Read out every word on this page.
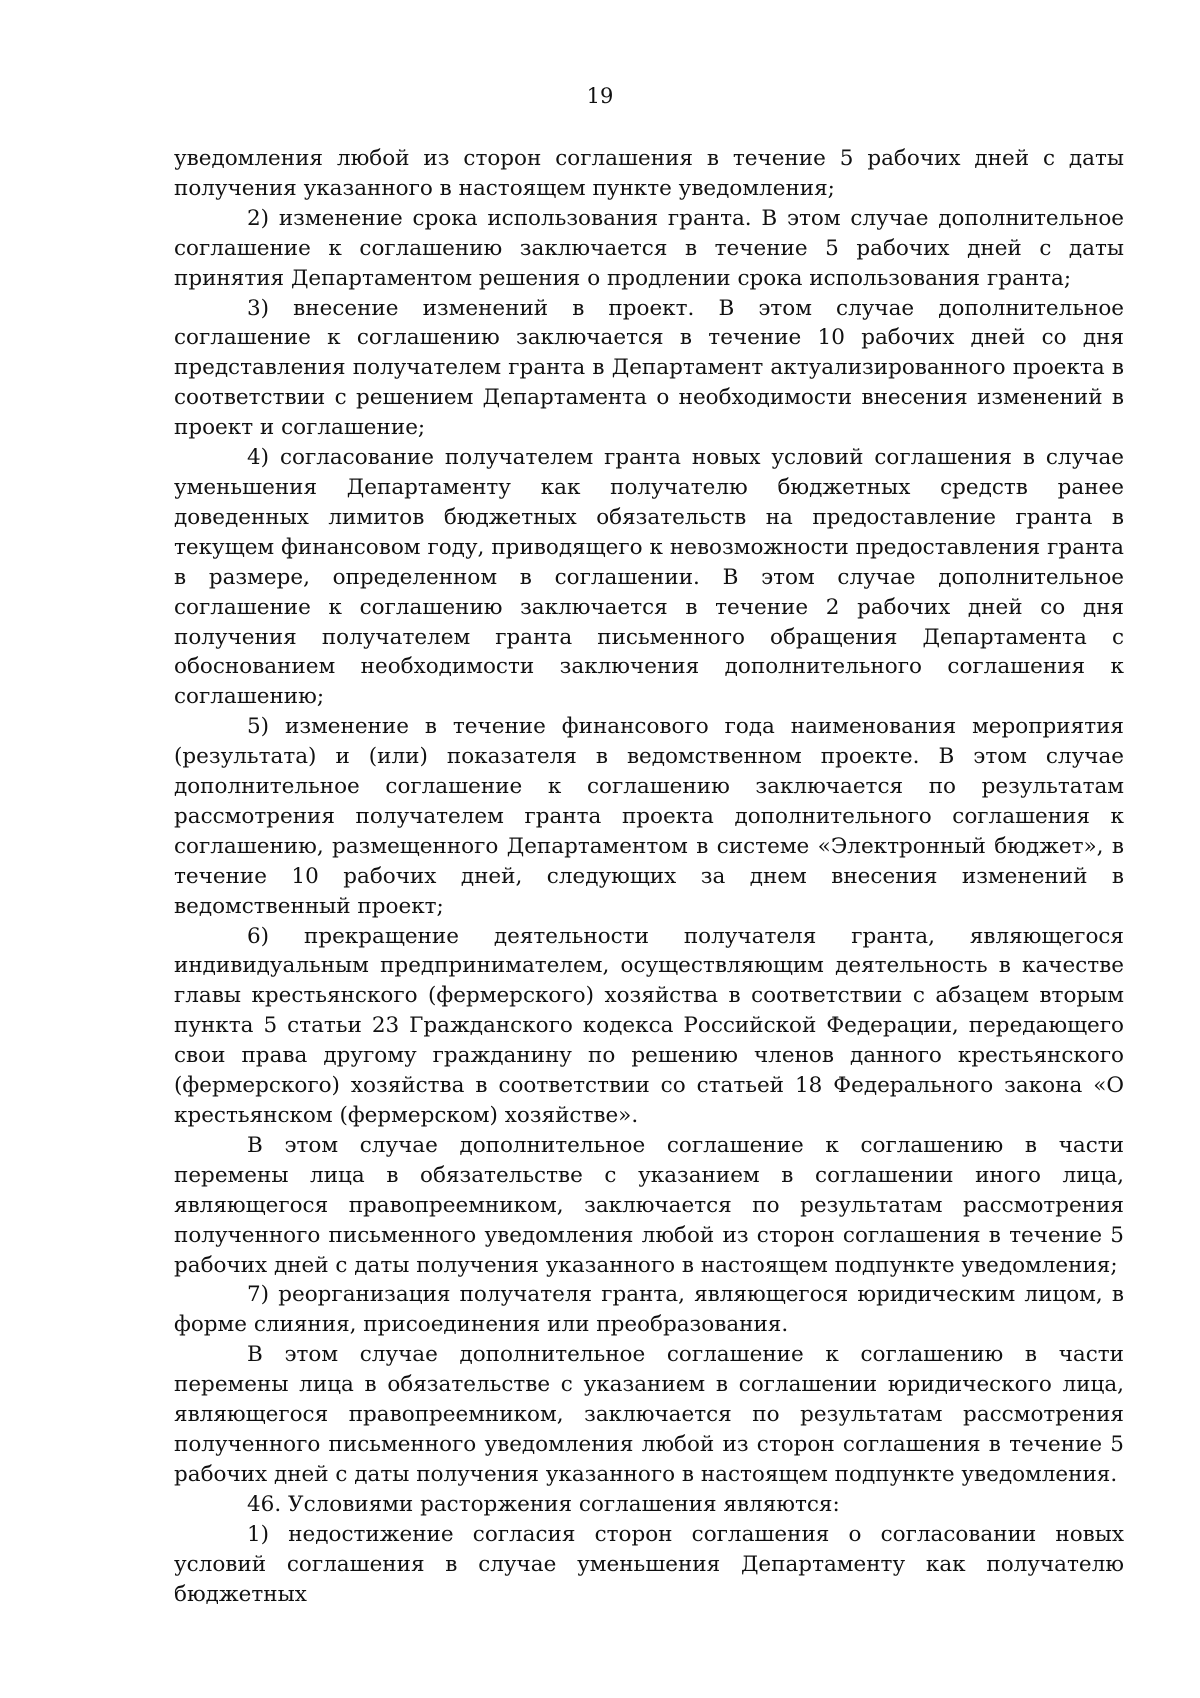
19

уведомления любой из сторон соглашения в течение 5 рабочих дней с даты получения указанного в настоящем пункте уведомления;

2) изменение срока использования гранта. В этом случае дополнительное соглашение к соглашению заключается в течение 5 рабочих дней с даты принятия Департаментом решения о продлении срока использования гранта;

3) внесение изменений в проект. В этом случае дополнительное соглашение к соглашению заключается в течение 10 рабочих дней со дня представления получателем гранта в Департамент актуализированного проекта в соответствии с решением Департамента о необходимости внесения изменений в проект и соглашение;

4) согласование получателем гранта новых условий соглашения в случае уменьшения Департаменту как получателю бюджетных средств ранее доведенных лимитов бюджетных обязательств на предоставление гранта в текущем финансовом году, приводящего к невозможности предоставления гранта в размере, определенном в соглашении. В этом случае дополнительное соглашение к соглашению заключается в течение 2 рабочих дней со дня получения получателем гранта письменного обращения Департамента с обоснованием необходимости заключения дополнительного соглашения к соглашению;

5) изменение в течение финансового года наименования мероприятия (результата) и (или) показателя в ведомственном проекте. В этом случае дополнительное соглашение к соглашению заключается по результатам рассмотрения получателем гранта проекта дополнительного соглашения к соглашению, размещенного Департаментом в системе «Электронный бюджет», в течение 10 рабочих дней, следующих за днем внесения изменений в ведомственный проект;

6) прекращение деятельности получателя гранта, являющегося индивидуальным предпринимателем, осуществляющим деятельность в качестве главы крестьянского (фермерского) хозяйства в соответствии с абзацем вторым пункта 5 статьи 23 Гражданского кодекса Российской Федерации, передающего свои права другому гражданину по решению членов данного крестьянского (фермерского) хозяйства в соответствии со статьей 18 Федерального закона «О крестьянском (фермерском) хозяйстве».

В этом случае дополнительное соглашение к соглашению в части перемены лица в обязательстве с указанием в соглашении иного лица, являющегося правопреемником, заключается по результатам рассмотрения полученного письменного уведомления любой из сторон соглашения в течение 5 рабочих дней с даты получения указанного в настоящем подпункте уведомления;

7) реорганизация получателя гранта, являющегося юридическим лицом, в форме слияния, присоединения или преобразования.

В этом случае дополнительное соглашение к соглашению в части перемены лица в обязательстве с указанием в соглашении юридического лица, являющегося правопреемником, заключается по результатам рассмотрения полученного письменного уведомления любой из сторон соглашения в течение 5 рабочих дней с даты получения указанного в настоящем подпункте уведомления.

46. Условиями расторжения соглашения являются:

1) недостижение согласия сторон соглашения о согласовании новых условий соглашения в случае уменьшения Департаменту как получателю бюджетных
